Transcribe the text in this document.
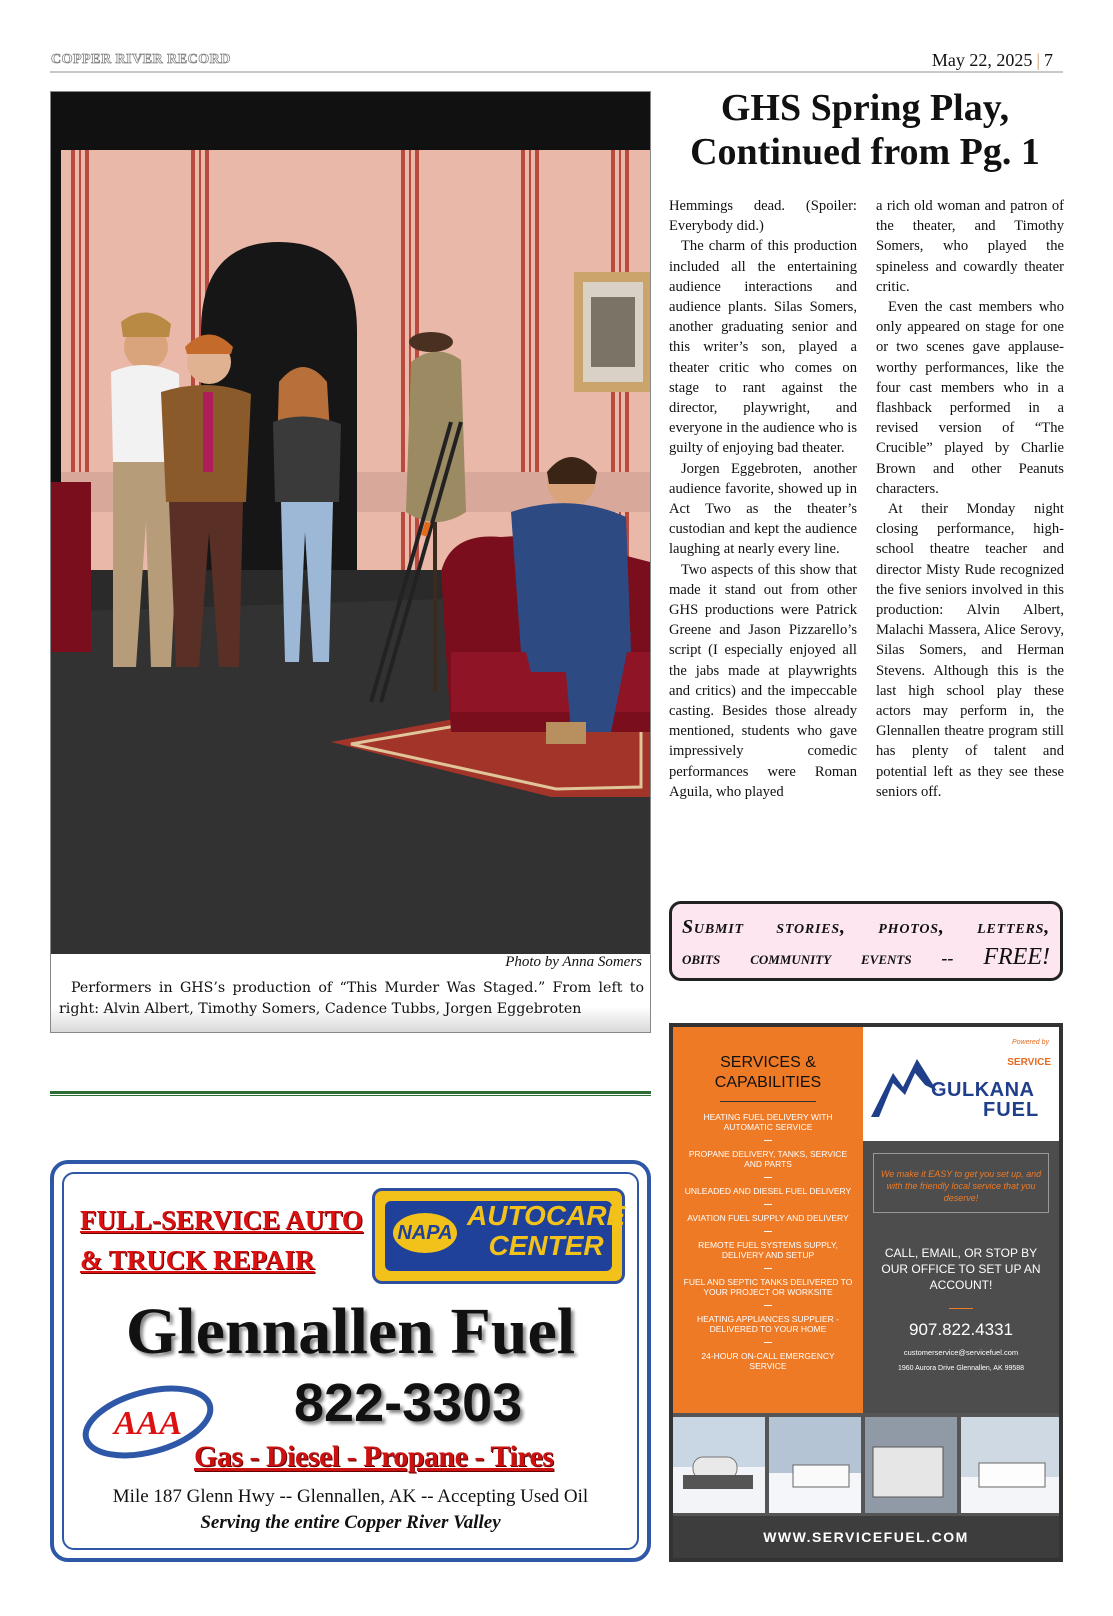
COPPER RIVER RECORD	May 22, 2025 | 7
Photo by Anna Somers
Performers in GHS’s production of “This Murder Was Staged.” From left to right: Alvin Albert, Timothy Somers, Cadence Tubbs, Jorgen Eggebroten
GHS Spring Play,
Continued from Pg. 1

Hemmings dead. (Spoiler: Everybody did.)

The charm of this production included all the entertaining audience interactions and audience plants. Silas Somers, another graduating senior and this writer’s son, played a theater critic who comes on stage to rant against the director, playwright, and everyone in the audience who is guilty of enjoying bad theater.

Jorgen Eggebroten, another audience favorite, showed up in Act Two as the theater’s custodian and kept the audience laughing at nearly every line.

Two aspects of this show that made it stand out from other GHS productions were Patrick Greene and Jason Pizzarello’s script (I especially enjoyed all the jabs made at playwrights and critics) and the impeccable casting. Besides those already mentioned, students who gave impressively comedic performances were Roman Aguila, who played

a rich old woman and patron of the theater, and Timothy Somers, who played the spineless and cowardly theater critic.

Even the cast members who only appeared on stage for one or two scenes gave applause-worthy performances, like the four cast members who in a flashback performed in a revised version of “The Crucible” played by Charlie Brown and other Peanuts characters.

At their Monday night closing performance, high-school theatre teacher and director Misty Rude recognized the five seniors involved in this production: Alvin Albert, Malachi Massera, Alice Serovy, Silas Somers, and Herman Stevens. Although this is the last high school play these actors may perform in, the Glennallen theatre program still has plenty of talent and potential left as they see these seniors off.

Submit stories, photos, letters,
obits community events -- FREE!
FULL-SERVICE AUTO
& TRUCK REPAIR
NAPA
AUTOCARE
CENTER
Glennallen Fuel
AAA 822-3303
Gas - Diesel - Propane - Tires
Mile 187 Glenn Hwy -- Glennallen, AK -- Accepting Used Oil
Serving the entire Copper River Valley
SERVICES & CAPABILITIES
HEATING FUEL DELIVERY WITH AUTOMATIC SERVICE
PROPANE DELIVERY, TANKS, SERVICE AND PARTS
UNLEADED AND DIESEL FUEL DELIVERY
AVIATION FUEL SUPPLY AND DELIVERY
REMOTE FUEL SYSTEMS SUPPLY, DELIVERY AND SETUP
FUEL AND SEPTIC TANKS DELIVERED TO YOUR PROJECT OR WORKSITE
HEATING APPLIANCES SUPPLIER - DELIVERED TO YOUR HOME
24-HOUR ON-CALL EMERGENCY SERVICE
Powered by
SERVICE
GULKANA
FUEL
We make it EASY to get you set up, and with the friendly local service that you deserve!
CALL, EMAIL, OR STOP BY OUR OFFICE TO SET UP AN ACCOUNT!
907.822.4331
customerservice@servicefuel.com
1960 Aurora Drive Glennallen, AK 99588
WWW.SERVICEFUEL.COM
